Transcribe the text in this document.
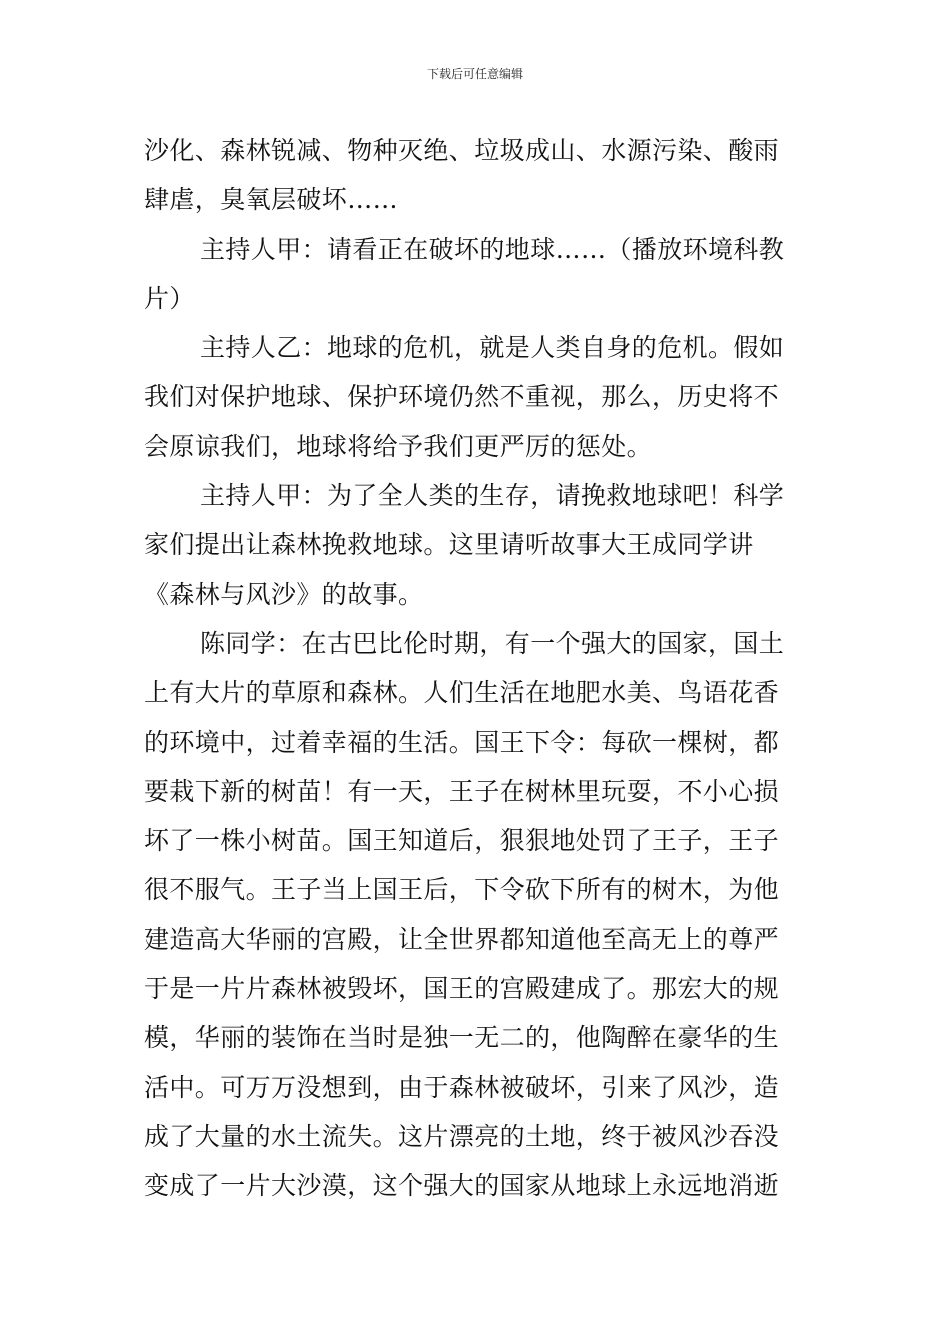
下载后可任意编辑
沙化、森林锐减、物种灭绝、垃圾成山、水源污染、酸雨
肆虐，臭氧层破坏……
主持人甲：请看正在破坏的地球……（播放环境科教
片）
主持人乙：地球的危机，就是人类自身的危机。假如
我们对保护地球、保护环境仍然不重视，那么，历史将不
会原谅我们，地球将给予我们更严厉的惩处。
主持人甲：为了全人类的生存，请挽救地球吧！科学
家们提出让森林挽救地球。这里请听故事大王成同学讲
《森林与风沙》的故事。
陈同学：在古巴比伦时期，有一个强大的国家，国土
上有大片的草原和森林。人们生活在地肥水美、鸟语花香
的环境中，过着幸福的生活。国王下令：每砍一棵树，都
要栽下新的树苗！有一天，王子在树林里玩耍，不小心损
坏了一株小树苗。国王知道后，狠狠地处罚了王子，王子
很不服气。王子当上国王后，下令砍下所有的树木，为他
建造高大华丽的宫殿，让全世界都知道他至高无上的尊严
于是一片片森林被毁坏，国王的宫殿建成了。那宏大的规
模，华丽的装饰在当时是独一无二的，他陶醉在豪华的生
活中。可万万没想到，由于森林被破坏，引来了风沙，造
成了大量的水土流失。这片漂亮的土地，终于被风沙吞没
变成了一片大沙漠，这个强大的国家从地球上永远地消逝
